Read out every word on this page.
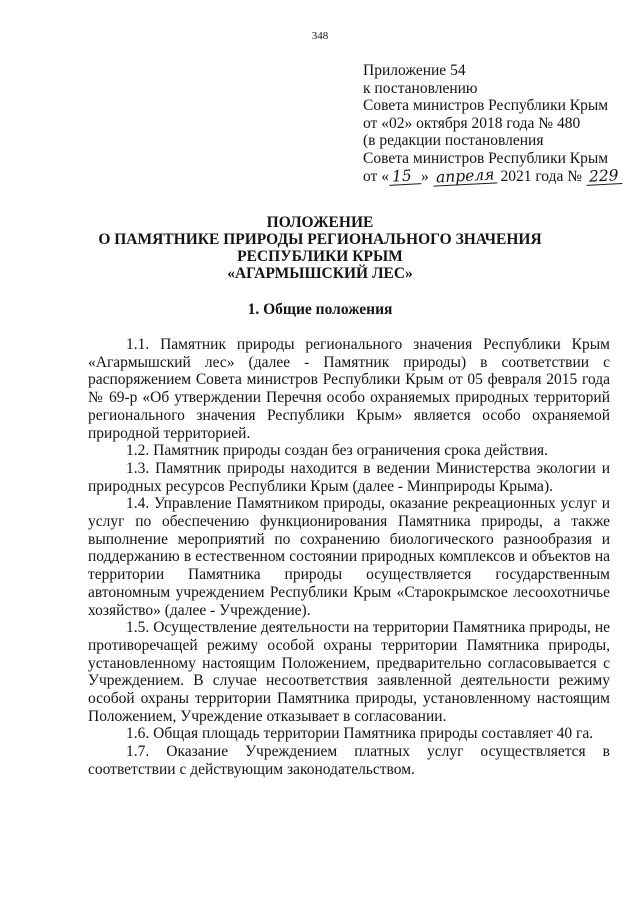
348
Приложение 54
к постановлению
Совета министров Республики Крым
от «02» октября 2018 года № 480
(в редакции постановления
Совета министров Республики Крым
от « 15 » апреля 2021 года № 229
ПОЛОЖЕНИЕ
О ПАМЯТНИКЕ ПРИРОДЫ РЕГИОНАЛЬНОГО ЗНАЧЕНИЯ
РЕСПУБЛИКИ КРЫМ
«АГАРМЫШСКИЙ ЛЕС»
1. Общие положения

1.1. Памятник природы регионального значения Республики Крым «Агармышский лес» (далее - Памятник природы) в соответствии с распоряжением Совета министров Республики Крым от 05 февраля 2015 года № 69-р «Об утверждении Перечня особо охраняемых природных территорий регионального значения Республики Крым» является особо охраняемой природной территорией.

1.2. Памятник природы создан без ограничения срока действия.

1.3. Памятник природы находится в ведении Министерства экологии и природных ресурсов Республики Крым (далее - Минприроды Крыма).

1.4. Управление Памятником природы, оказание рекреационных услуг и услуг по обеспечению функционирования Памятника природы, а также выполнение мероприятий по сохранению биологического разнообразия и поддержанию в естественном состоянии природных комплексов и объектов на территории Памятника природы осуществляется государственным автономным учреждением Республики Крым «Старокрымское лесоохотничье хозяйство» (далее - Учреждение).

1.5. Осуществление деятельности на территории Памятника природы, не противоречащей режиму особой охраны территории Памятника природы, установленному настоящим Положением, предварительно согласовывается с Учреждением. В случае несоответствия заявленной деятельности режиму особой охраны территории Памятника природы, установленному настоящим Положением, Учреждение отказывает в согласовании.

1.6. Общая площадь территории Памятника природы составляет 40 га.

1.7. Оказание Учреждением платных услуг осуществляется в соответствии с действующим законодательством.
